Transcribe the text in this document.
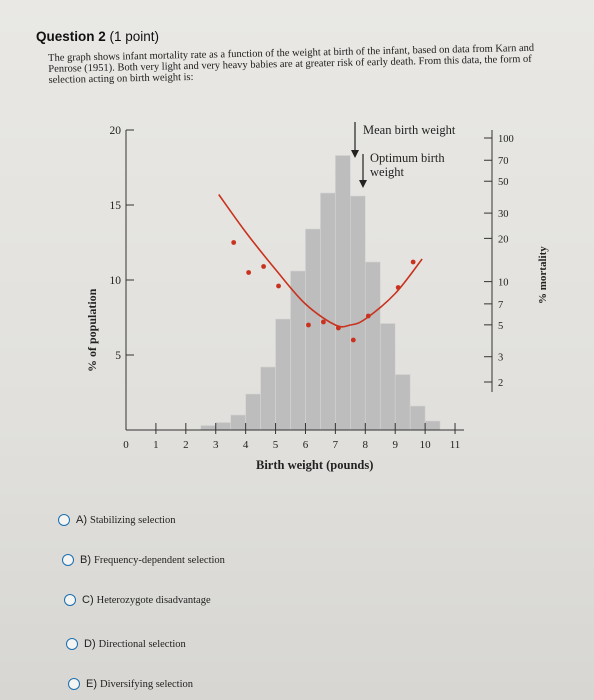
Question 2 (1 point)
The graph shows infant mortality rate as a function of the weight at birth of the infant, based on data from Karn and Penrose (1951). Both very light and very heavy babies are at greater risk of early death. From this data, the form of selection acting on birth weight is:
0 1 2 3 4 5 6 7 8 9 10 11
5
10
15
20
100
70
50
30
20
10
7
5
3
2
Birth weight (pounds)
% of population
% mortality
Mean birth weight
Optimum birth weight
A) Stabilizing selection
B) Frequency-dependent selection
C) Heterozygote disadvantage
D) Directional selection
E) Diversifying selection
